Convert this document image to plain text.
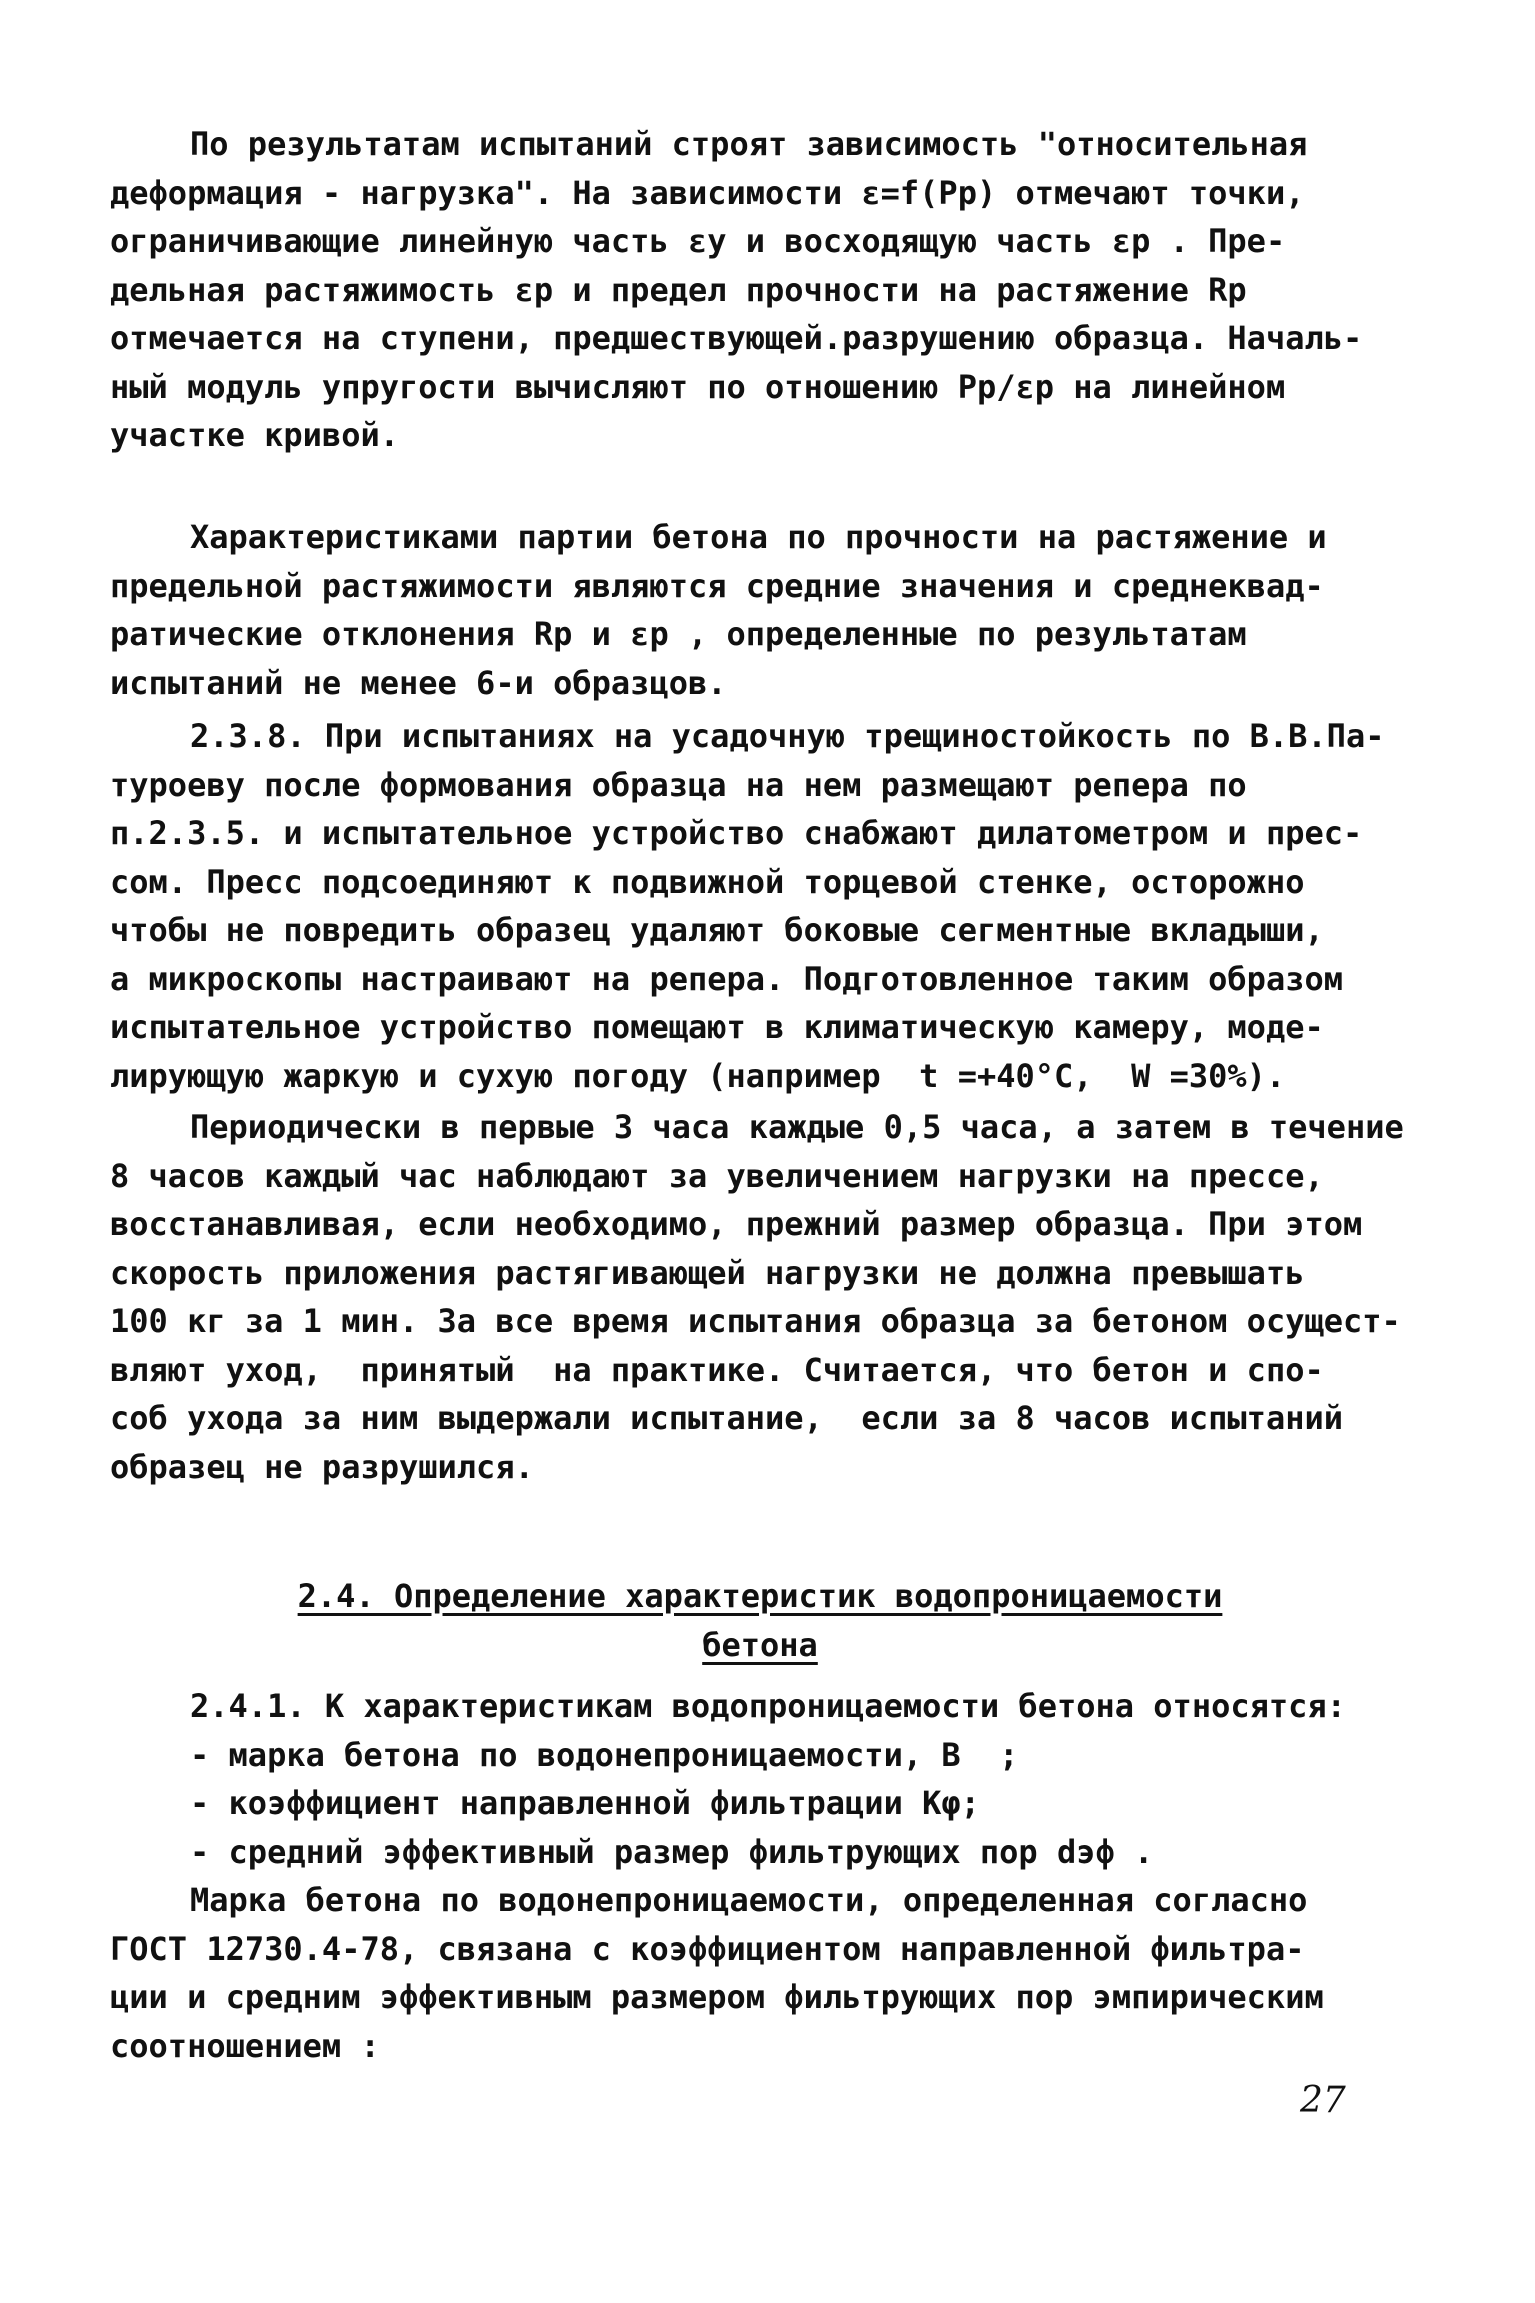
По результатам испытаний строят зависимость "относительная
деформация - нагрузка". На зависимости ε=f(Pp) отмечают точки,
ограничивающие линейную часть εу и восходящую часть εр . Пре-
дельная растяжимость εр и предел прочности на растяжение Rр
отмечается на ступени, предшествующей.разрушению образца. Началь-
ный модуль упругости вычисляют по отношению Рр/εр на линейном
участке кривой.
Характеристиками партии бетона по прочности на растяжение и
предельной растяжимости являются средние значения и среднеквад-
ратические отклонения Rр и εр , определенные по результатам
испытаний не менее 6-и образцов.
2.3.8. При испытаниях на усадочную трещиностойкость по В.В.Па-
туроеву после формования образца на нем размещают репера по
п.2.3.5. и испытательное устройство снабжают дилатометром и прес-
сом. Пресс подсоединяют к подвижной торцевой стенке, осторожно
чтобы не повредить образец удаляют боковые сегментные вкладыши,
а микроскопы настраивают на репера. Подготовленное таким образом
испытательное устройство помещают в климатическую камеру, моде-
лирующую жаркую и сухую погоду (например  t =+40°С,  W =30%).
Периодически в первые 3 часа каждые 0,5 часа, а затем в течение
8 часов каждый час наблюдают за увеличением нагрузки на прессе,
восстанавливая, если необходимо, прежний размер образца. При этом
скорость приложения растягивающей нагрузки не должна превышать
100 кг за 1 мин. За все время испытания образца за бетоном осущест-
вляют уход,  принятый  на практике. Считается, что бетон и спо-
соб ухода за ним выдержали испытание,  если за 8 часов испытаний
образец не разрушился.
2.4. Определение характеристик водопроницаемости
бетона
2.4.1. К характеристикам водопроницаемости бетона относятся:
- марка бетона по водонепроницаемости, В  ;
- коэффициент направленной фильтрации Кφ;
- средний эффективный размер фильтрующих пор dэф .
Марка бетона по водонепроницаемости, определенная согласно
ГОСТ 12730.4-78, связана с коэффициентом направленной фильтра-
ции и средним эффективным размером фильтрующих пор эмпирическим
соотношением :
27
